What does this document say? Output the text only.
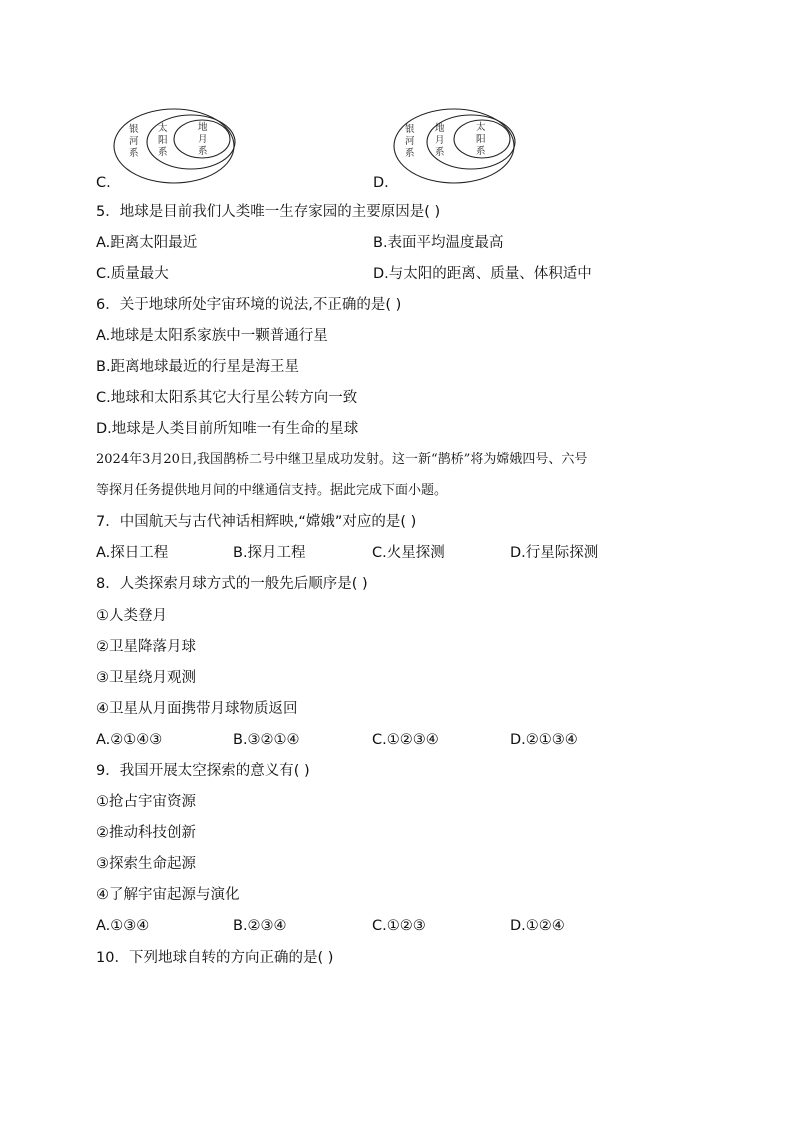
银
河
系
太
阳
系
地
月
系
C.
银
河
系
地
月
系
太
阳
系
D.
5．地球是目前我们人类唯一生存家园的主要原因是( )
A.距离太阳最近	B.表面平均温度最高
C.质量最大	D.与太阳的距离、质量、体积适中
6．关于地球所处宇宙环境的说法,不正确的是( )
A.地球是太阳系家族中一颗普通行星
B.距离地球最近的行星是海王星
C.地球和太阳系其它大行星公转方向一致
D.地球是人类目前所知唯一有生命的星球
2024年3月20日,我国鹊桥二号中继卫星成功发射。这一新“鹊桥”将为嫦娥四号、六号
等探月任务提供地月间的中继通信支持。据此完成下面小题。
7．中国航天与古代神话相辉映,“嫦娥”对应的是( )
A.探日工程	B.探月工程	C.火星探测	D.行星际探测
8．人类探索月球方式的一般先后顺序是( )
①人类登月
②卫星降落月球
③卫星绕月观测
④卫星从月面携带月球物质返回
A.②①④③	B.③②①④	C.①②③④	D.②①③④
9．我国开展太空探索的意义有( )
①抢占宇宙资源
②推动科技创新
③探索生命起源
④了解宇宙起源与演化
A.①③④	B.②③④	C.①②③	D.①②④
10．下列地球自转的方向正确的是( )
